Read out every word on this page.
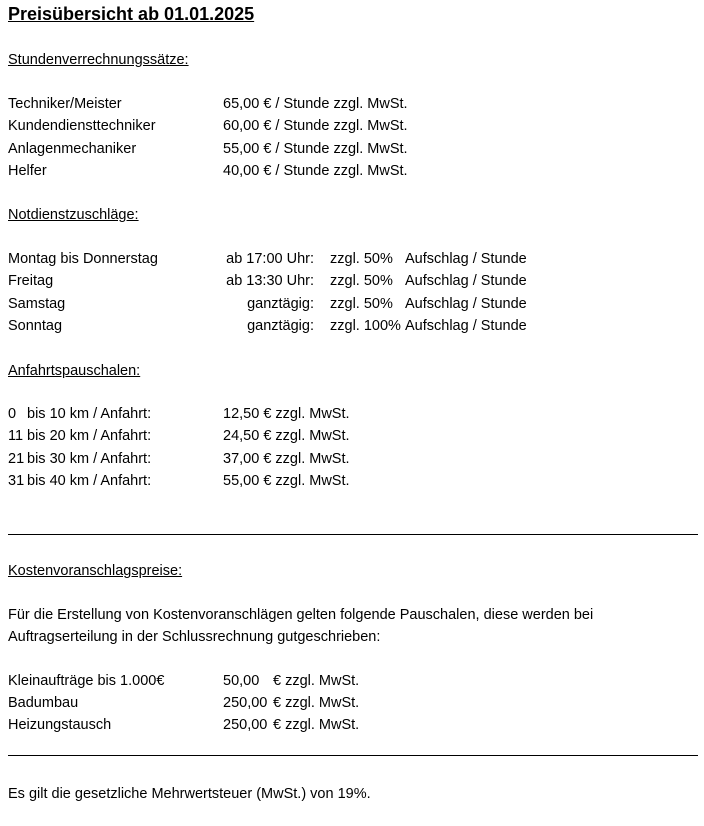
Preisübersicht ab 01.01.2025
Stundenverrechnungssätze:
Techniker/Meister	65,00 € / Stunde zzgl. MwSt.
Kundendiensttechniker	60,00 € / Stunde zzgl. MwSt.
Anlagenmechaniker	55,00 € / Stunde zzgl. MwSt.
Helfer	40,00 € / Stunde zzgl. MwSt.
Notdienstzuschläge:
Montag bis Donnerstag	ab 17:00 Uhr: zzgl. 50% Aufschlag / Stunde
Freitag	ab 13:30 Uhr: zzgl. 50% Aufschlag / Stunde
Samstag	ganztägig: zzgl. 50% Aufschlag / Stunde
Sonntag	ganztägig: zzgl. 100% Aufschlag / Stunde
Anfahrtspauschalen:
0 bis 10 km / Anfahrt:	12,50 € zzgl. MwSt.
11 bis 20 km / Anfahrt:	24,50 € zzgl. MwSt.
21 bis 30 km / Anfahrt:	37,00 € zzgl. MwSt.
31 bis 40 km / Anfahrt:	55,00 € zzgl. MwSt.
Kostenvoranschlagspreise:
Für die Erstellung von Kostenvoranschlägen gelten folgende Pauschalen, diese werden bei
Auftragserteilung in der Schlussrechnung gutgeschrieben:
Kleinaufträge bis 1.000€	50,00 € zzgl. MwSt.
Badumbau	250,00 € zzgl. MwSt.
Heizungstausch	250,00 € zzgl. MwSt.
Es gilt die gesetzliche Mehrwertsteuer (MwSt.) von 19%.
